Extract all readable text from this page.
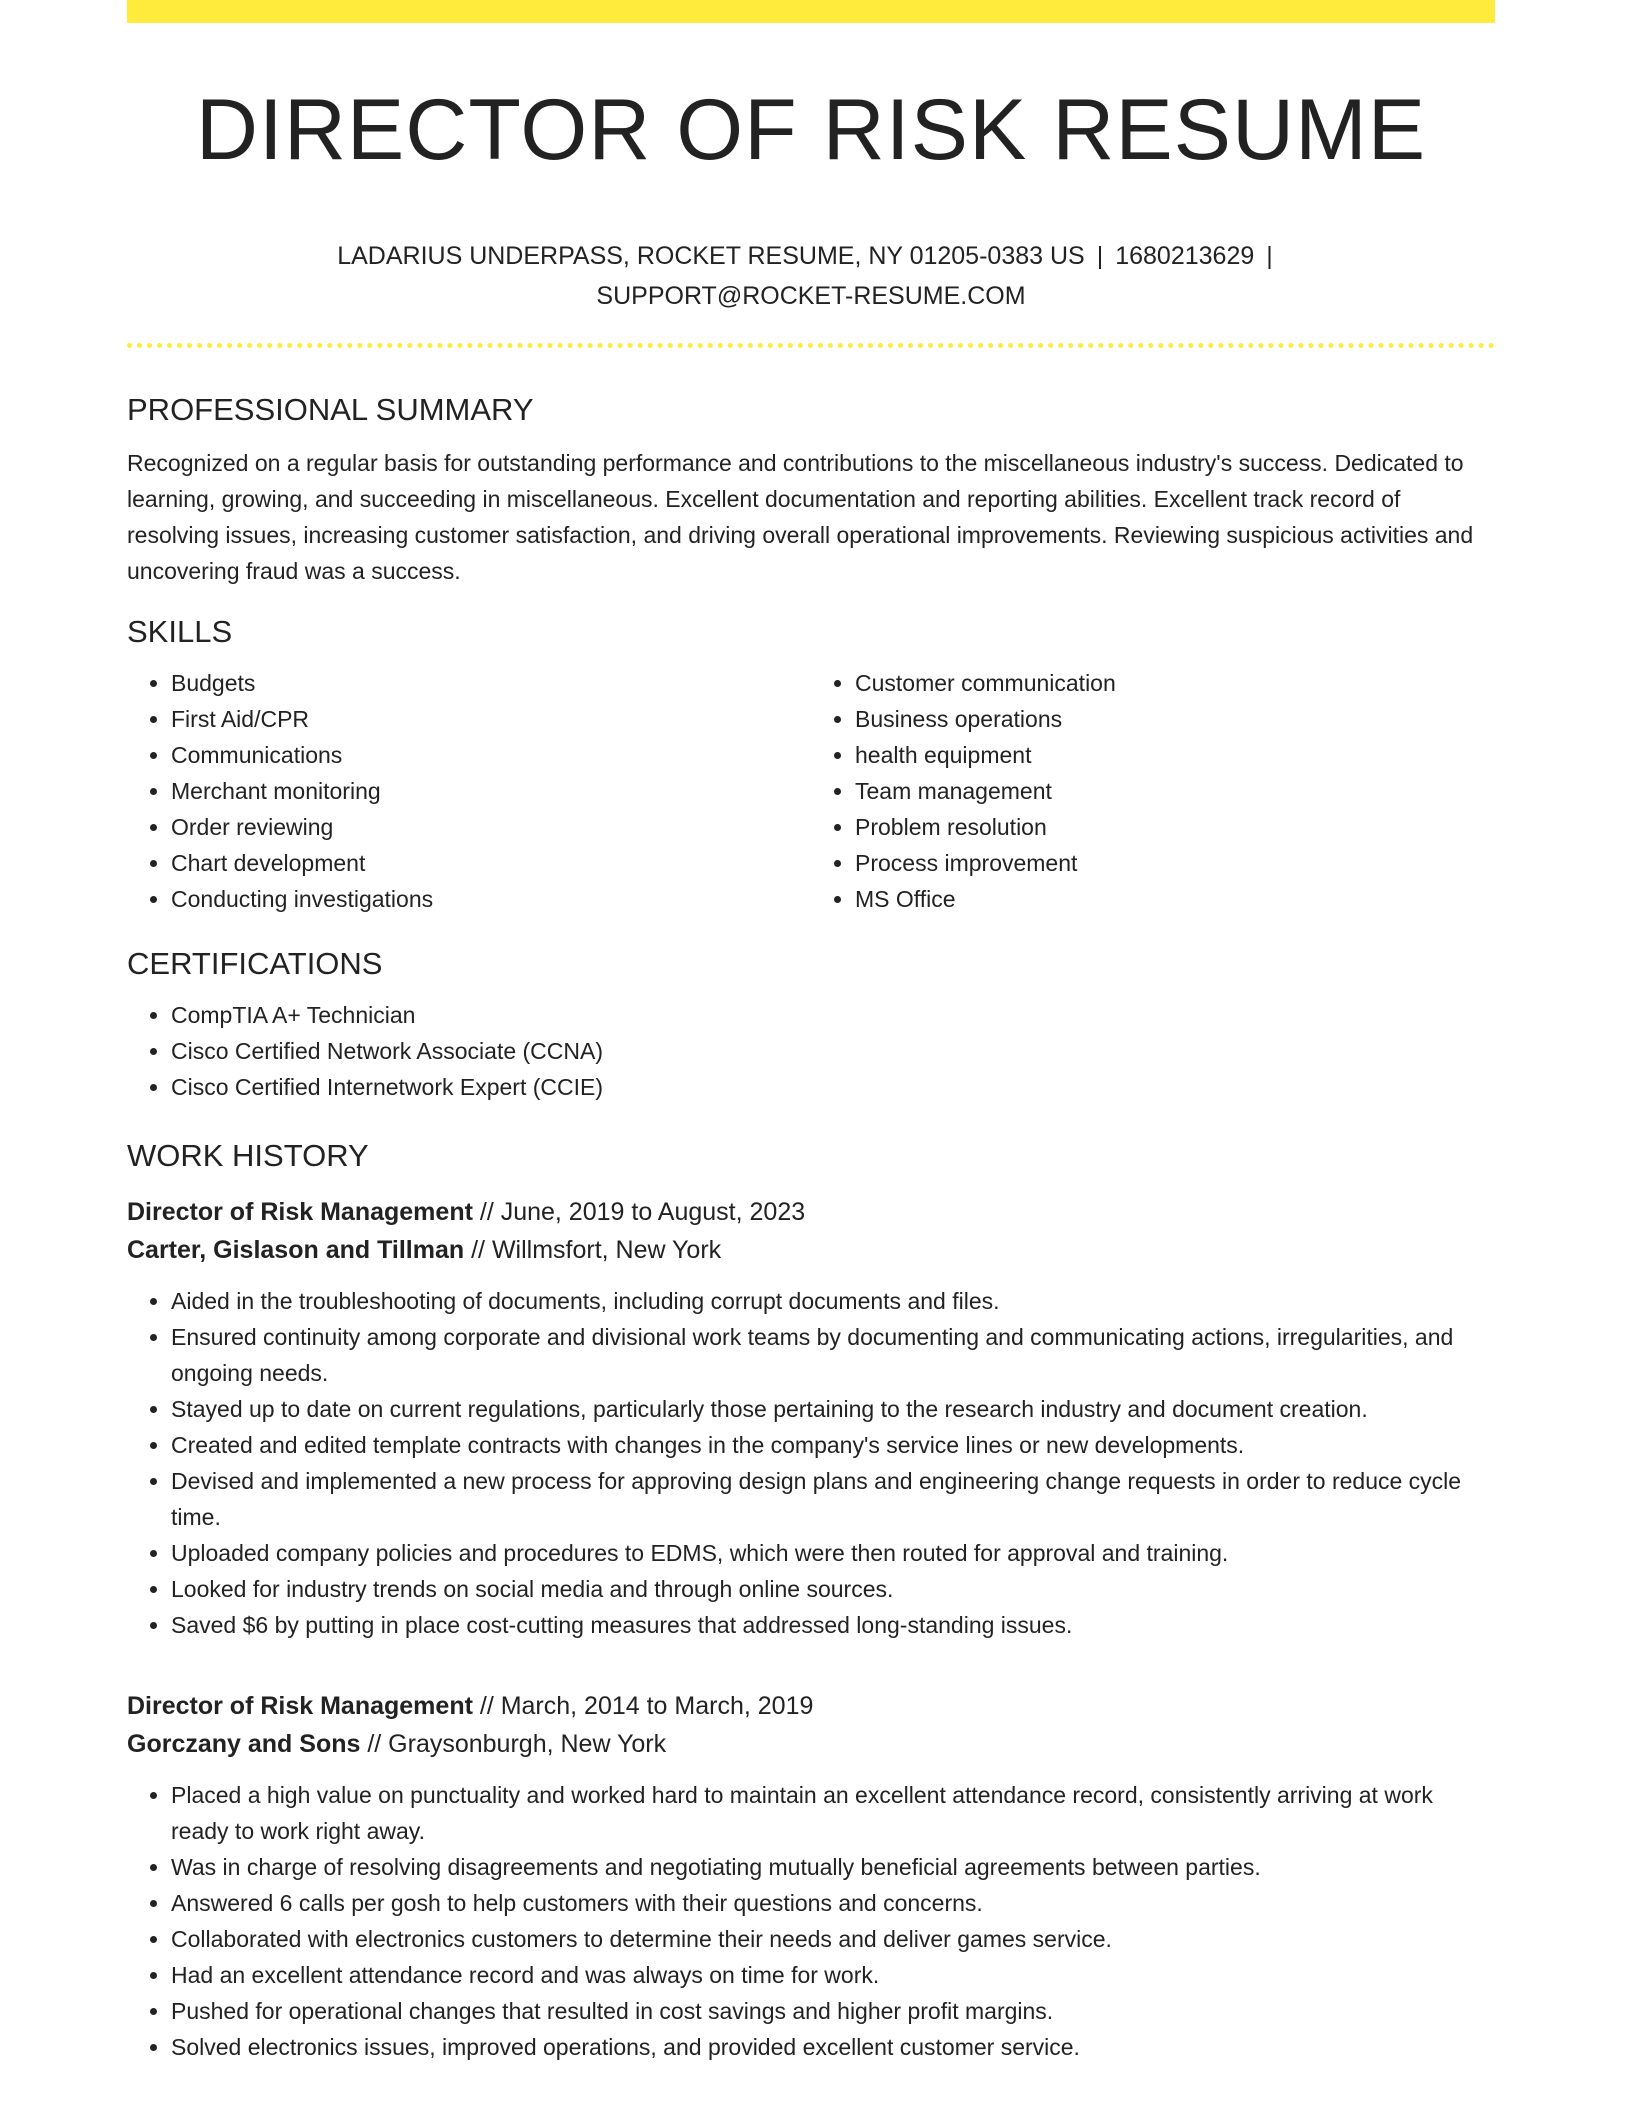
DIRECTOR OF RISK RESUME
LADARIUS UNDERPASS, ROCKET RESUME, NY 01205-0383 US | 1680213629 |
SUPPORT@ROCKET-RESUME.COM
PROFESSIONAL SUMMARY

Recognized on a regular basis for outstanding performance and contributions to the miscellaneous industry's success. Dedicated to learning, growing, and succeeding in miscellaneous. Excellent documentation and reporting abilities. Excellent track record of resolving issues, increasing customer satisfaction, and driving overall operational improvements. Reviewing suspicious activities and uncovering fraud was a success.

SKILLS
• Budgets
• First Aid/CPR
• Communications
• Merchant monitoring
• Order reviewing
• Chart development
• Conducting investigations
• Customer communication
• Business operations
• health equipment
• Team management
• Problem resolution
• Process improvement
• MS Office
CERTIFICATIONS
• CompTIA A+ Technician
• Cisco Certified Network Associate (CCNA)
• Cisco Certified Internetwork Expert (CCIE)
WORK HISTORY

Director of Risk Management // June, 2019 to August, 2023

Carter, Gislason and Tillman // Willmsfort, New York

• Aided in the troubleshooting of documents, including corrupt documents and files.
• Ensured continuity among corporate and divisional work teams by documenting and communicating actions, irregularities, and ongoing needs.
• Stayed up to date on current regulations, particularly those pertaining to the research industry and document creation.
• Created and edited template contracts with changes in the company's service lines or new developments.
• Devised and implemented a new process for approving design plans and engineering change requests in order to reduce cycle time.
• Uploaded company policies and procedures to EDMS, which were then routed for approval and training.
• Looked for industry trends on social media and through online sources.
• Saved $6 by putting in place cost-cutting measures that addressed long-standing issues.

Director of Risk Management // March, 2014 to March, 2019

Gorczany and Sons // Graysonburgh, New York

• Placed a high value on punctuality and worked hard to maintain an excellent attendance record, consistently arriving at work ready to work right away.
• Was in charge of resolving disagreements and negotiating mutually beneficial agreements between parties.
• Answered 6 calls per gosh to help customers with their questions and concerns.
• Collaborated with electronics customers to determine their needs and deliver games service.
• Had an excellent attendance record and was always on time for work.
• Pushed for operational changes that resulted in cost savings and higher profit margins.
• Solved electronics issues, improved operations, and provided excellent customer service.
